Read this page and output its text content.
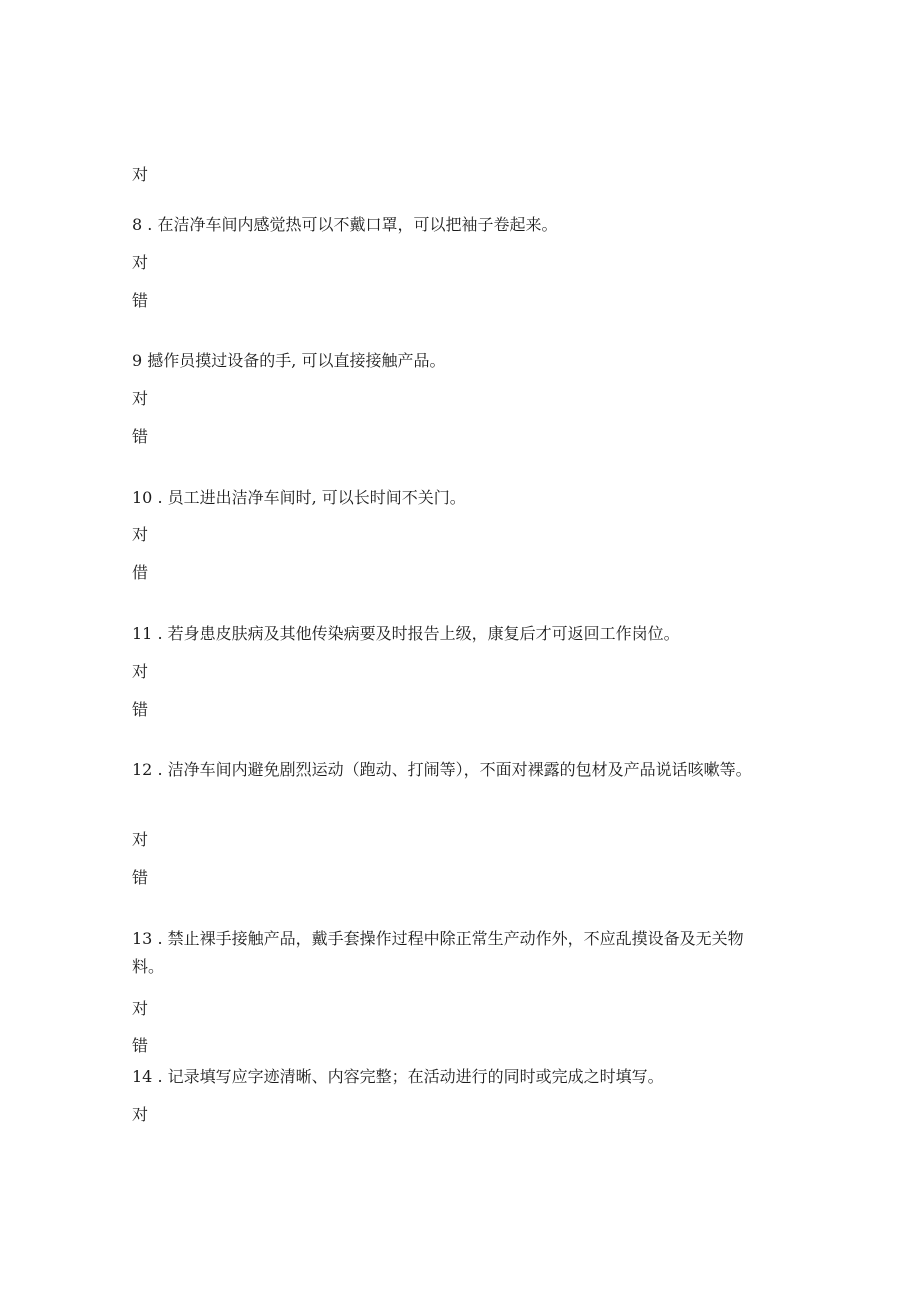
对

8 . 在洁净车间内感觉热可以不戴口罩，可以把袖子卷起来。

对

错

9 撼作员摸过设备的手, 可以直接接触产品。

对

错

10 . 员工进出洁净车间时, 可以长时间不关门。

对

借

11 . 若身患皮肤病及其他传染病要及时报告上级，康复后才可返回工作岗位。

对

错

12 . 洁净车间内避免剧烈运动（跑动、打闹等），不面对裸露的包材及产品说话咳嗽等。

对

错

13 . 禁止裸手接触产品，戴手套操作过程中除正常生产动作外，不应乱摸设备及无关物料。

对

错

14 . 记录填写应字迹清晰、内容完整；在活动进行的同时或完成之时填写。

对
